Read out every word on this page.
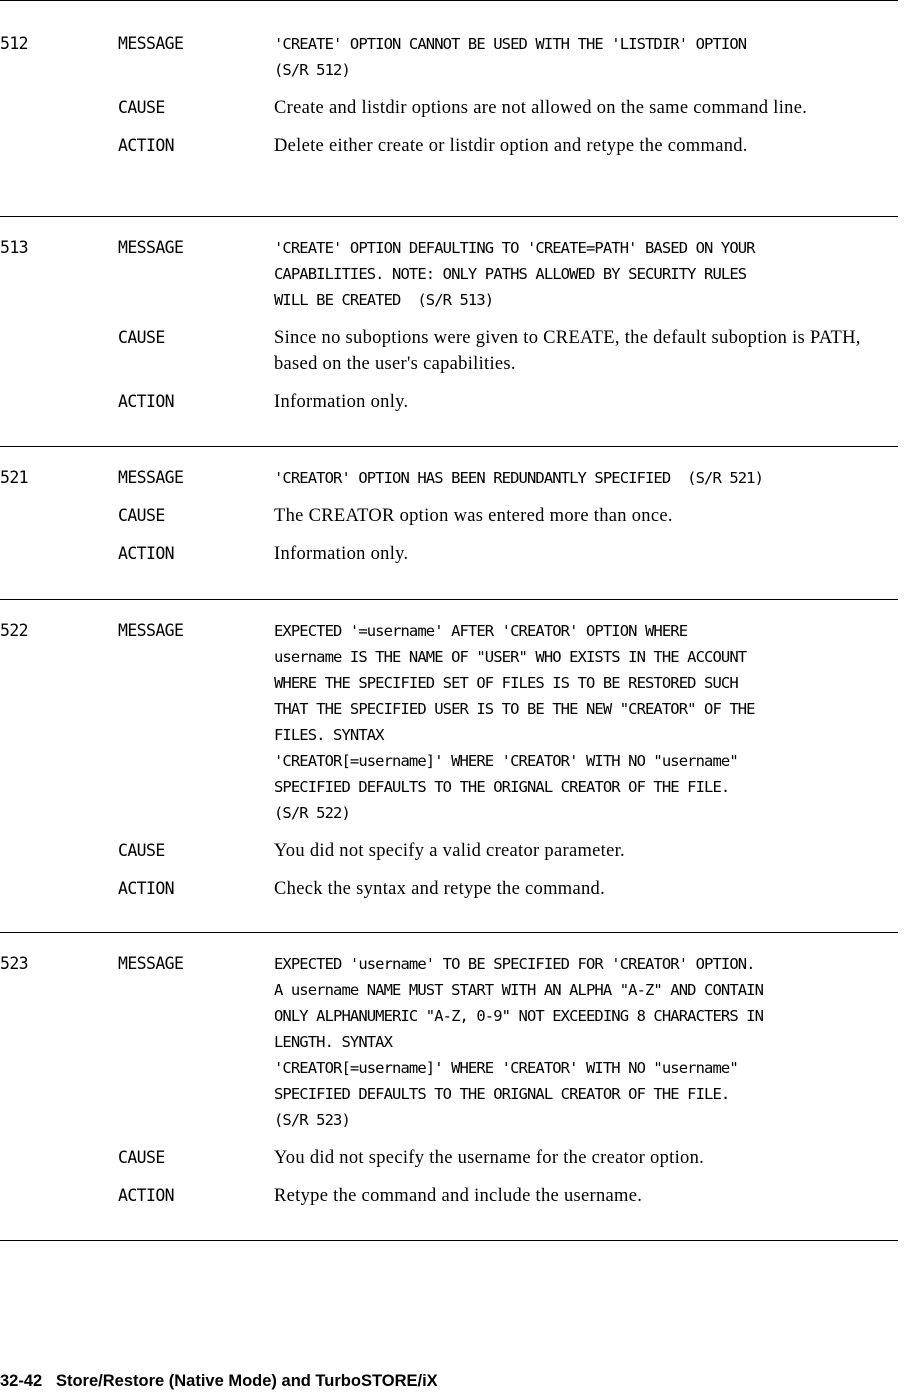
512	MESSAGE	'CREATE' OPTION CANNOT BE USED WITH THE 'LISTDIR' OPTION
(S/R 512)
CAUSE	Create and listdir options are not allowed on the same command line.
ACTION	Delete either create or listdir option and retype the command.
513	MESSAGE	'CREATE' OPTION DEFAULTING TO 'CREATE=PATH' BASED ON YOUR
CAPABILITIES. NOTE: ONLY PATHS ALLOWED BY SECURITY RULES
WILL BE CREATED  (S/R 513)
CAUSE	Since no suboptions were given to CREATE, the default suboption is PATH, based on the user's capabilities.
ACTION	Information only.
521	MESSAGE	'CREATOR' OPTION HAS BEEN REDUNDANTLY SPECIFIED  (S/R 521)
CAUSE	The CREATOR option was entered more than once.
ACTION	Information only.
522	MESSAGE	EXPECTED '=username' AFTER 'CREATOR' OPTION WHERE
username IS THE NAME OF "USER" WHO EXISTS IN THE ACCOUNT
WHERE THE SPECIFIED SET OF FILES IS TO BE RESTORED SUCH
THAT THE SPECIFIED USER IS TO BE THE NEW "CREATOR" OF THE
FILES. SYNTAX
'CREATOR[=username]' WHERE 'CREATOR' WITH NO "username"
SPECIFIED DEFAULTS TO THE ORIGNAL CREATOR OF THE FILE.
(S/R 522)
CAUSE	You did not specify a valid creator parameter.
ACTION	Check the syntax and retype the command.
523	MESSAGE	EXPECTED 'username' TO BE SPECIFIED FOR 'CREATOR' OPTION.
A username NAME MUST START WITH AN ALPHA "A-Z" AND CONTAIN
ONLY ALPHANUMERIC "A-Z, 0-9" NOT EXCEEDING 8 CHARACTERS IN
LENGTH. SYNTAX
'CREATOR[=username]' WHERE 'CREATOR' WITH NO "username"
SPECIFIED DEFAULTS TO THE ORIGNAL CREATOR OF THE FILE.
(S/R 523)
CAUSE	You did not specify the username for the creator option.
ACTION	Retype the command and include the username.
32-42 Store/Restore (Native Mode) and TurboSTORE/iX
